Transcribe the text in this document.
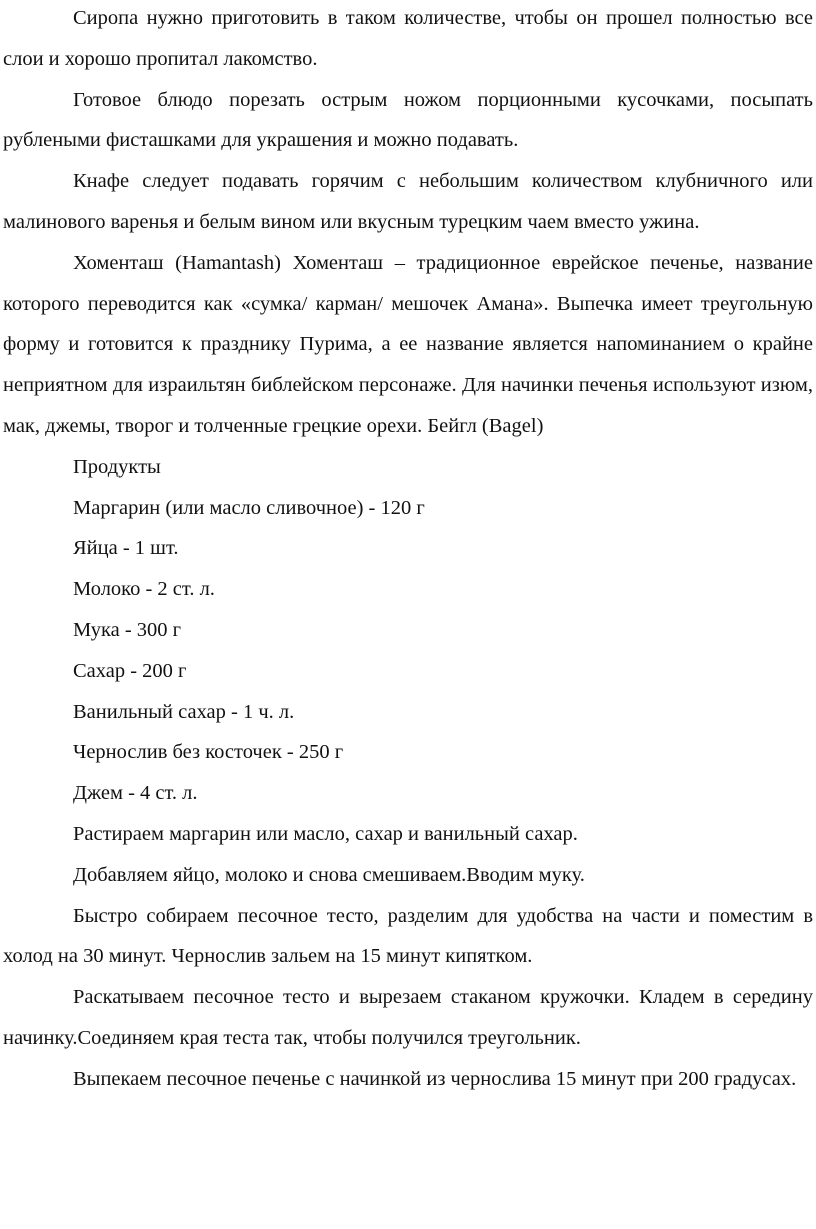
Сиропа нужно приготовить в таком количестве, чтобы он прошел полностью все слои и хорошо пропитал лакомство.

Готовое блюдо порезать острым ножом порционными кусочками, посыпать рублеными фисташками для украшения и можно подавать.

Кнафе следует подавать горячим с небольшим количеством клубничного или малинового варенья и белым вином или вкусным турецким чаем вместо ужина.

Хоменташ (Hamantash) Хоменташ – традиционное еврейское печенье, название которого переводится как «сумка/ карман/ мешочек Амана». Выпечка имеет треугольную форму и готовится к празднику Пурима, а ее название является напоминанием о крайне неприятном для израильтян библейском персонаже. Для начинки печенья используют изюм, мак, джемы, творог и толченные грецкие орехи. Бейгл (Bagel)

Продукты

Маргарин (или масло сливочное) - 120 г

Яйца - 1 шт.

Молоко - 2 ст. л.

Мука - 300 г

Сахар - 200 г

Ванильный сахар - 1 ч. л.

Чернослив без косточек - 250 г

Джем - 4 ст. л.

Растираем маргарин или масло, сахар и ванильный сахар.

Добавляем яйцо, молоко и снова смешиваем.Вводим муку.

Быстро собираем песочное тесто, разделим для удобства на части и поместим в холод на 30 минут. Чернослив зальем на 15 минут кипятком.

Раскатываем песочное тесто и вырезаем стаканом кружочки. Кладем в середину начинку.Соединяем края теста так, чтобы получился треугольник.

Выпекаем песочное печенье с начинкой из чернослива 15 минут при 200 градусах.
